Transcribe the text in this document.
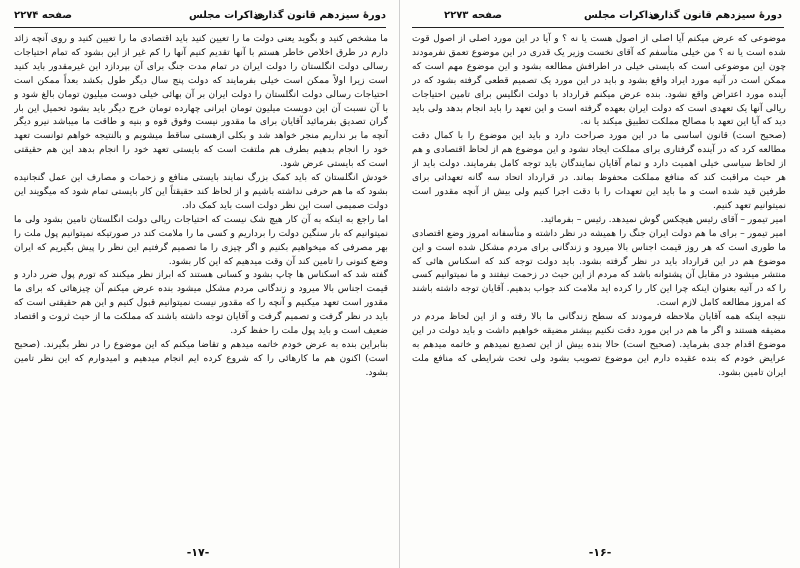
صفحه ۲۲۷۴	مذاکرات مجلس
دورهٔ سیزدهم قانون گذاری

ما مشخص کنید و بگوید یعنی دولت ما را تعیین کنید باید اقتصادی ما را تعیین کنید و روی آنچه زائد دارم در طرق اخلاص خاطر هستم با آنها تقدیم کنیم آنها را کم غیر از این بشود که تمام احتیاجات رسالی دولت انگلستان را دولت ایران در تمام مدت جنگ برای آن بپردازد این غیرمقدور باید کنید است زیرا اولاً ممکن است خیلی بفرمایند که دولت پنج سال دیگر طول بکشد بعداً ممکن است احتیاجات رسالی دولت انگلستان را دولت ایران بر آن بهائی خیلی دوست میلیون تومان بالغ شود و با آن نسبت آن این دویست میلیون تومان ایرانی چهارده تومان خرج دیگر باید بشود تحمیل این بار گران تصدیق بفرمائید آقایان برای ما مقدور نیست وفوق قوه و بنیه و طاقت ما میباشد نیرو دیگر آنچه ما بر نداریم منجر خواهد شد و بکلی ازهستی ساقط میشویم و بالنتیجه خواهم توانست تعهد خود را انجام بدهیم بطرف هم ملتفت است که بایستی تعهد خود را انجام بدهد این هم حقیقتی است که بایستی عرض شود.

خودش انگلستان که باید کمک بزرگ نمایند بایستی منافع و زحمات و مصارف این عمل گنجانیده بشود که ما هم حرفی نداشته باشیم و از لحاظ کند حقیقتاً این کار بایستی تمام شود که میگویند این دولت صمیمی است این نظر دولت است باید کمک داد.

اما راجع به اینکه به آن کار هیچ شک نیست که احتیاجات ریالی دولت انگلستان تامین بشود ولی ما نمیتوانیم که بار سنگین دولت را برداریم و کسی ما را ملامت کند در صورتیکه نمیتوانیم پول ملت را بهر مصرفی که میخواهیم بکنیم و اگر چیزی را ما تصمیم گرفتیم این نظر را پیش بگیریم که ایران وضع کنونی را تامین کند آن وقت میدهیم که این کار بشود.

گفته شد که اسکناس ها چاپ بشود و کسانی هستند که ابراز نظر میکنند که تورم پول ضرر دارد و قیمت اجناس بالا میرود و زندگانی مردم مشکل میشود بنده عرض میکنم آن چیزهائی که برای ما مقدور است تعهد میکنیم و آنچه را که مقدور نیست نمیتوانیم قبول کنیم و این هم حقیقتی است که باید در نظر گرفت و تصمیم گرفت و آقایان توجه داشته باشند که مملکت ما از حیث ثروت و اقتصاد ضعیف است و باید پول ملت را حفظ کرد.

بنابراین بنده به عرض خودم خاتمه میدهم و تقاضا میکنم که این موضوع را در نظر بگیرند. (صحیح است) اکنون هم ما کارهائی را که شروع کرده ایم انجام میدهیم و امیدوارم که این نظر تامین بشود.

-۱۷-
صفحه ۲۲۷۳	مذاکرات مجلس
دورهٔ سیزدهم قانون گذاری

موضوعی که عرض میکنم آیا اصلی از اصول هست یا نه ؟ و آیا در این مورد اصلی از اصول قوت شده است یا نه ؟ من خیلی متأسفم که آقای نخست وزیر یک قدری در این موضوع تعمق نفرمودند چون این موضوعی است که بایستی خیلی در اطرافش مطالعه بشود و این موضوع مهم است که ممکن است در آتیه مورد ایراد واقع بشود و باید در این مورد یک تصمیم قطعی گرفته بشود که در آینده مورد اعتراض واقع نشود. بنده عرض میکنم قرارداد با دولت انگلیس برای تامین احتیاجات ریالی آنها یک تعهدی است که دولت ایران بعهده گرفته است و این تعهد را باید انجام بدهد ولی باید دید که آیا این تعهد با مصالح مملکت تطبیق میکند یا نه.

(صحیح است) قانون اساسی ما در این مورد صراحت دارد و باید این موضوع را با کمال دقت مطالعه کرد که در آینده گرفتاری برای مملکت ایجاد نشود و این موضوع هم از لحاظ اقتصادی و هم از لحاظ سیاسی خیلی اهمیت دارد و تمام آقایان نمایندگان باید توجه کامل بفرمایند. دولت باید از هر حیث مراقبت کند که منافع مملکت محفوظ بماند. در قرارداد اتحاد سه گانه تعهداتی برای طرفین قید شده است و ما باید این تعهدات را با دقت اجرا کنیم ولی بیش از آنچه مقدور است نمیتوانیم تعهد کنیم.

امیر تیمور – آقای رئیس هیچکس گوش نمیدهد. رئیس – بفرمائید.

امیر تیمور – برای ما هم دولت ایران جنگ را همیشه در نظر داشته و متأسفانه امروز وضع اقتصادی ما طوری است که هر روز قیمت اجناس بالا میرود و زندگانی برای مردم مشکل شده است و این موضوع هم در این قرارداد باید در نظر گرفته بشود. باید دولت توجه کند که اسکناس هائی که منتشر میشود در مقابل آن پشتوانه باشد که مردم از این حیث در زحمت نیفتند و ما نمیتوانیم کسی را که در آتیه بعنوان اینکه چرا این کار را کرده اید ملامت کند جواب بدهیم. آقایان توجه داشته باشند که امروز مطالعه کامل لازم است.

نتیجه اینکه همه آقایان ملاحظه فرمودند که سطح زندگانی ما بالا رفته و از این لحاظ مردم در مضیقه هستند و اگر ما هم در این مورد دقت نکنیم بیشتر مضیقه خواهیم داشت و باید دولت در این موضوع اقدام جدی بفرماید. (صحیح است) حالا بنده بیش از این تصدیع نمیدهم و خاتمه میدهم به عرایض خودم که بنده عقیده دارم این موضوع تصویب بشود ولی تحت شرایطی که منافع ملت ایران تامین بشود.

-۱۶-
